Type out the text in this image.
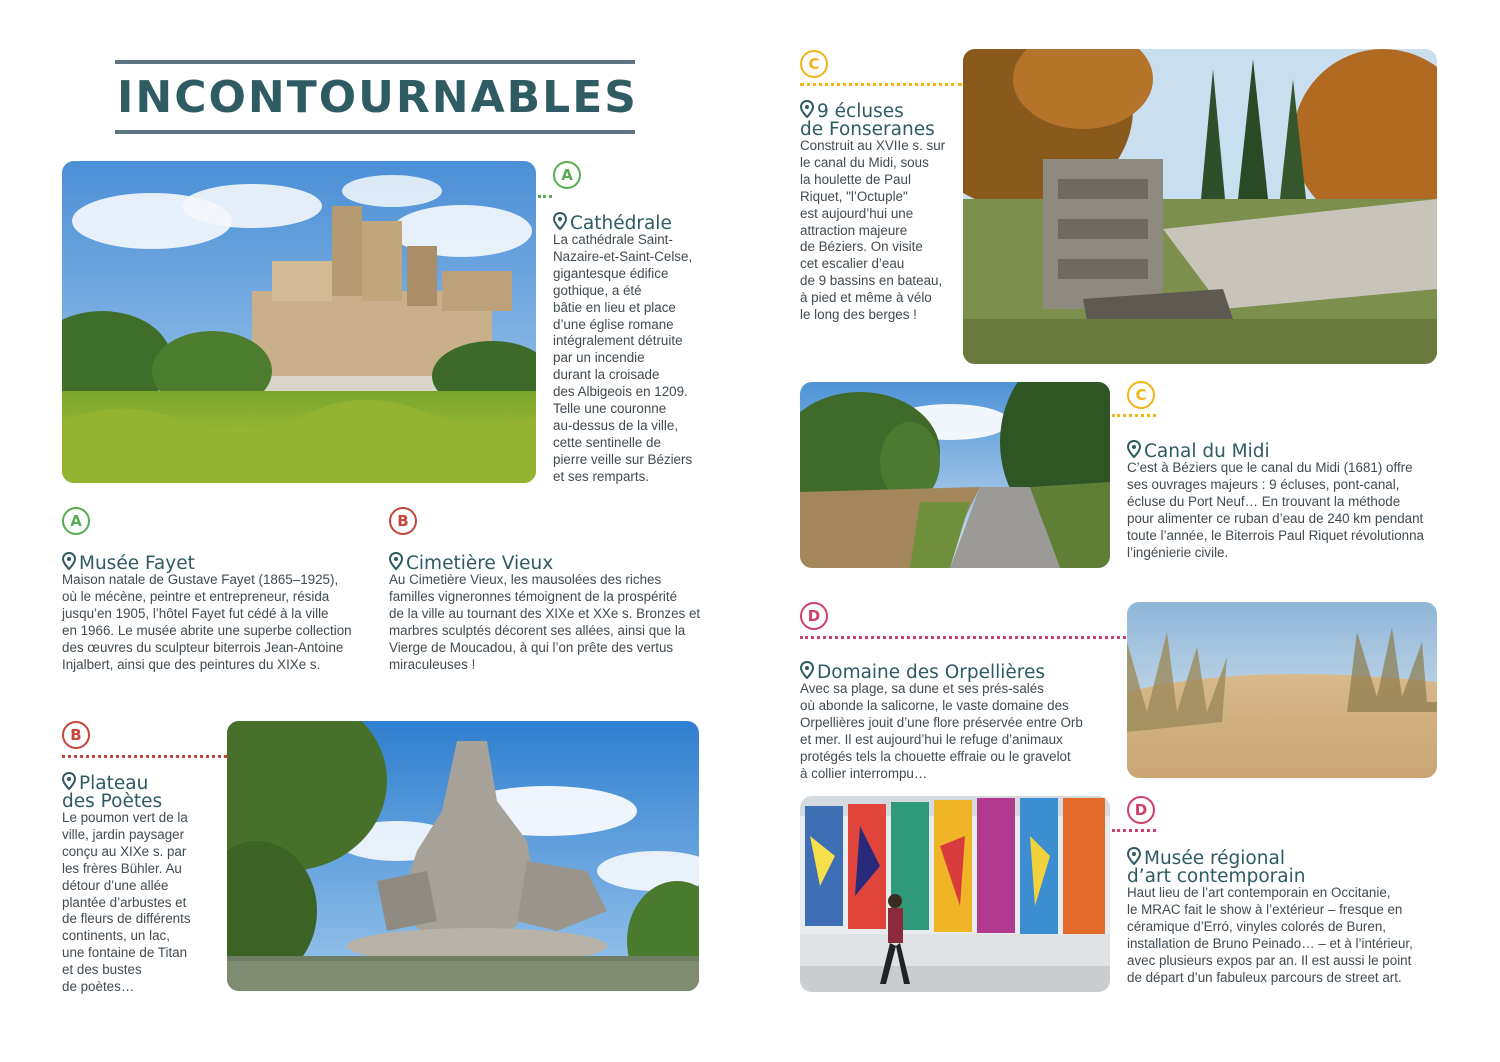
INCONTOURNABLES
A
Cathédrale
La cathédrale Saint-
Nazaire-et-Saint-Celse,
gigantesque édifice
gothique, a été
bâtie en lieu et place
d’une église romane
intégralement détruite
par un incendie
durant la croisade
des Albigeois en 1209.
Telle une couronne
au-dessus de la ville,
cette sentinelle de
pierre veille sur Béziers
et ses remparts.
A
Musée Fayet
Maison natale de Gustave Fayet (1865–1925),
où le mécène, peintre et entrepreneur, résida
jusqu’en 1905, l’hôtel Fayet fut cédé à la ville
en 1966. Le musée abrite une superbe collection
des œuvres du sculpteur biterrois Jean-Antoine
Injalbert, ainsi que des peintures du XIXe s.
B
Cimetière Vieux
Au Cimetière Vieux, les mausolées des riches
familles vigneronnes témoignent de la prospérité
de la ville au tournant des XIXe et XXe s. Bronzes et
marbres sculptés décorent ses allées, ainsi que la
Vierge de Moucadou, à qui l’on prête des vertus
miraculeuses !
B
Plateau
des Poètes
Le poumon vert de la
ville, jardin paysager
conçu au XIXe s. par
les frères Bühler. Au
détour d’une allée
plantée d’arbustes et
de fleurs de différents
continents, un lac,
une fontaine de Titan
et des bustes
de poètes…
C
9 écluses
de Fonseranes
Construit au XVIIe s. sur
le canal du Midi, sous
la houlette de Paul
Riquet, "l’Octuple"
est aujourd’hui une
attraction majeure
de Béziers. On visite
cet escalier d’eau
de 9 bassins en bateau,
à pied et même à vélo
le long des berges !
C
Canal du Midi
C’est à Béziers que le canal du Midi (1681) offre
ses ouvrages majeurs : 9 écluses, pont-canal,
écluse du Port Neuf… En trouvant la méthode
pour alimenter ce ruban d’eau de 240 km pendant
toute l’année, le Biterrois Paul Riquet révolutionna
l’ingénierie civile.
D
Domaine des Orpellières
Avec sa plage, sa dune et ses prés-salés
où abonde la salicorne, le vaste domaine des
Orpellières jouit d’une flore préservée entre Orb
et mer. Il est aujourd’hui le refuge d’animaux
protégés tels la chouette effraie ou le gravelot
à collier interrompu…
D
Musée régional
d’art contemporain
Haut lieu de l’art contemporain en Occitanie,
le MRAC fait le show à l’extérieur – fresque en
céramique d’Erró, vinyles colorés de Buren,
installation de Bruno Peinado… – et à l’intérieur,
avec plusieurs expos par an. Il est aussi le point
de départ d’un fabuleux parcours de street art.
